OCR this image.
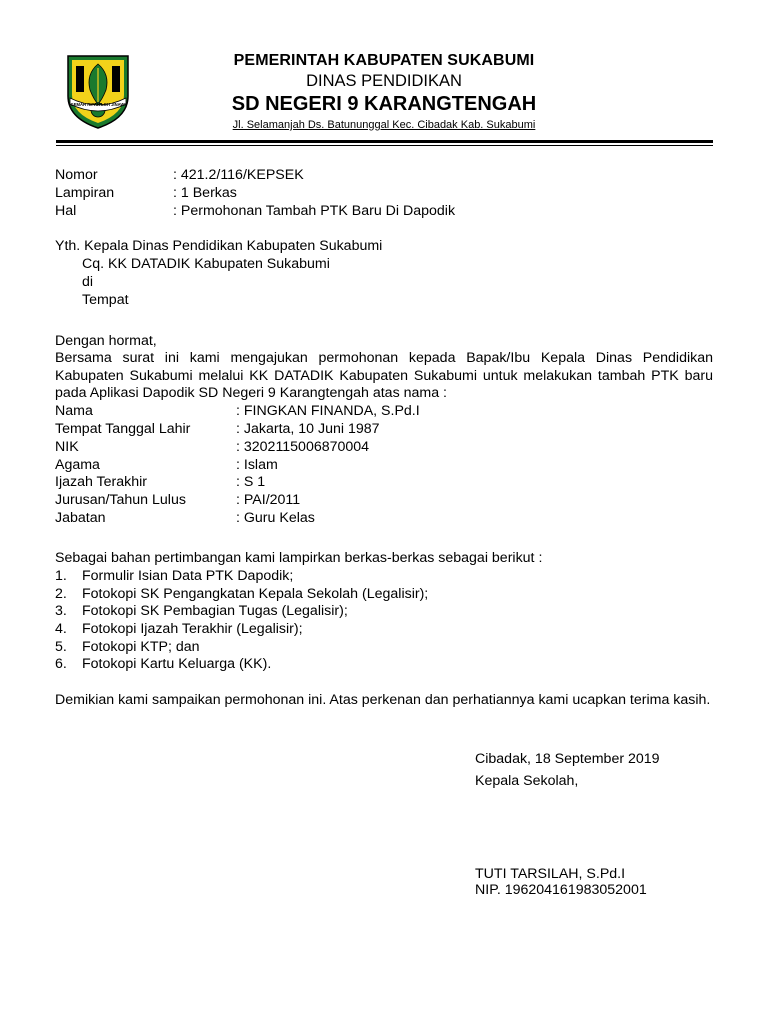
GEMAH RIPAH LOH JINAWI
PEMERINTAH KABUPATEN SUKABUMI
DINAS PENDIDIKAN
SD NEGERI 9 KARANGTENGAH
Jl. Selamanjah Ds. Batununggal Kec. Cibadak Kab. Sukabumi
Nomor	: 421.2/116/KEPSEK
Lampiran	: 1 Berkas
Hal	: Permohonan Tambah PTK Baru Di Dapodik
Yth. Kepala Dinas Pendidikan Kabupaten Sukabumi
Cq. KK DATADIK Kabupaten Sukabumi
di
Tempat
Dengan hormat,
Bersama surat ini kami mengajukan permohonan kepada Bapak/Ibu Kepala Dinas Pendidikan Kabupaten Sukabumi melalui KK DATADIK Kabupaten Sukabumi untuk melakukan tambah PTK baru pada Aplikasi Dapodik SD Negeri 9 Karangtengah atas nama :
Nama	: FINGKAN FINANDA, S.Pd.I
Tempat Tanggal Lahir	: Jakarta, 10 Juni 1987
NIK	: 3202115006870004
Agama	: Islam
Ijazah Terakhir	: S 1
Jurusan/Tahun Lulus	: PAI/2011
Jabatan	: Guru Kelas
Sebagai bahan pertimbangan kami lampirkan berkas-berkas sebagai berikut :
1. Formulir Isian Data PTK Dapodik;
2. Fotokopi SK Pengangkatan Kepala Sekolah (Legalisir);
3. Fotokopi SK Pembagian Tugas (Legalisir);
4. Fotokopi Ijazah Terakhir (Legalisir);
5. Fotokopi KTP; dan
6. Fotokopi Kartu Keluarga (KK).
Demikian kami sampaikan permohonan ini. Atas perkenan dan perhatiannya kami ucapkan terima kasih.
Cibadak, 18 September 2019
Kepala Sekolah,
TUTI TARSILAH, S.Pd.I
NIP. 196204161983052001
